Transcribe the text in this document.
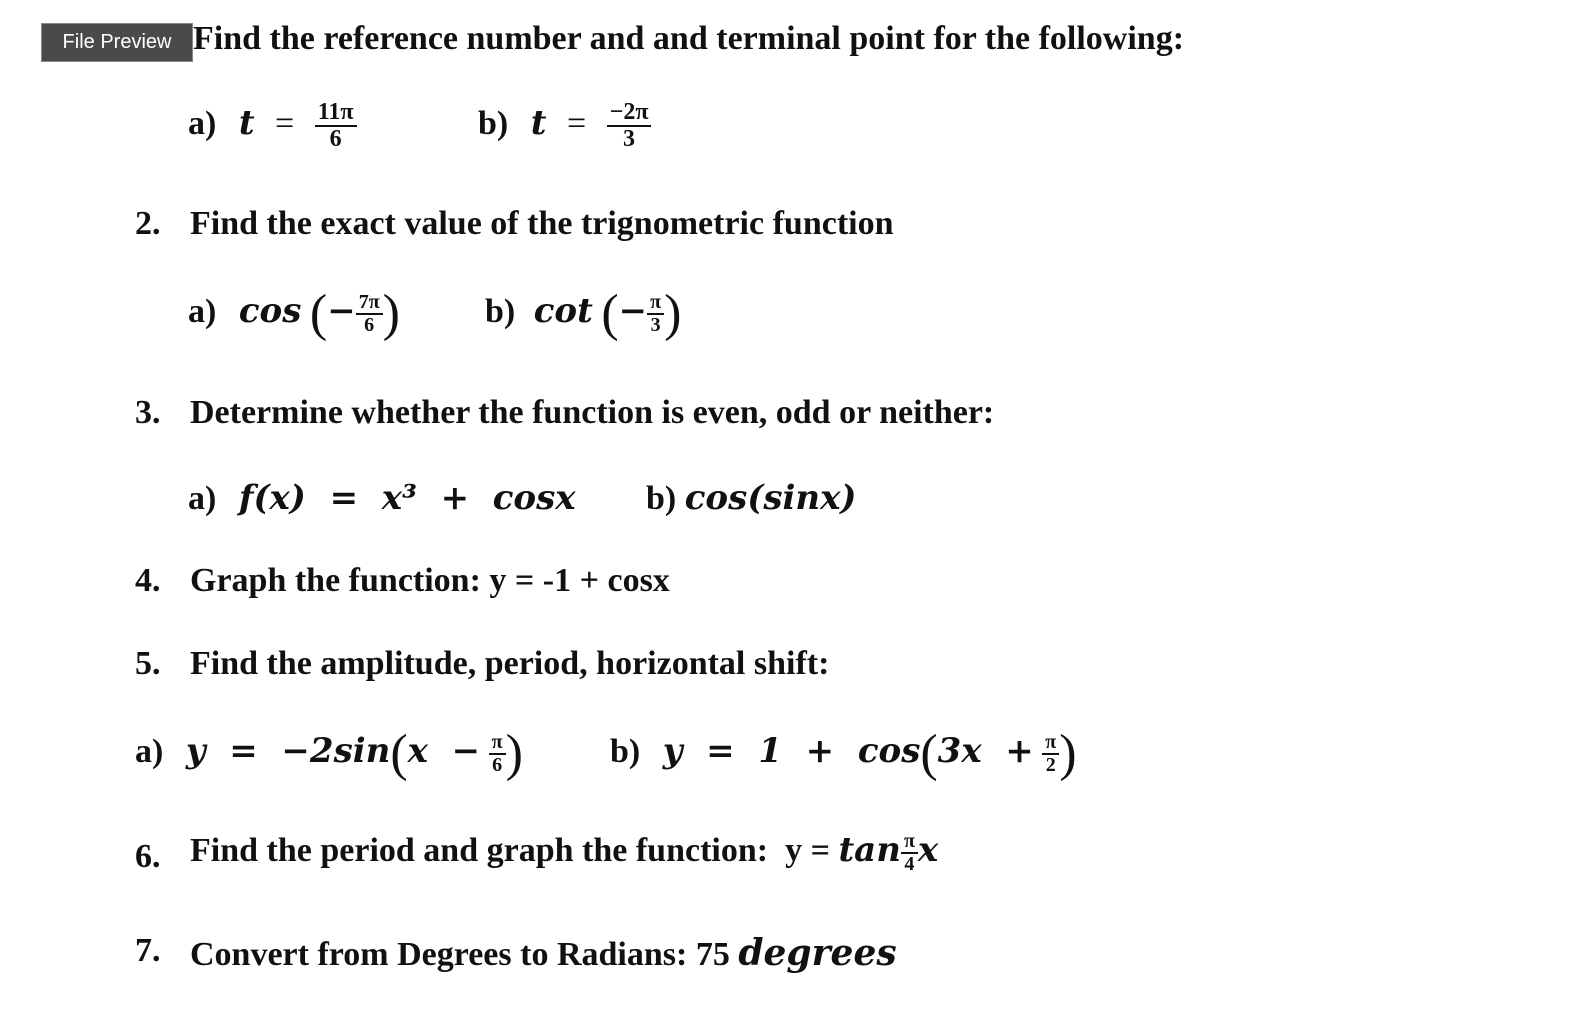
File Preview Find the reference number and and terminal point for the following:
a) $t = \frac{11\pi}{6}$	b) $t = \frac{-2\pi}{3}$
2. Find the exact value of the trignometric function
a) cos (− $\frac{7\pi}{6}$ )	b) cot (− $\frac{\pi}{3}$ )
3. Determine whether the function is even, odd or neither:
a) f(x)  =  x³  +  cosx b) cos(sinx)
4. Graph the function: y = -1 + cosx
5. Find the amplitude, period, horizontal shift:
a) $y = -2\sin(x - \frac{\pi}{6}$ )	b) $y = 1 + \cos(3x + \frac{\pi}{2}$ )
6. Find the period and graph the function:  $y = \tan \frac{\pi}{4}$ x
7. Convert from Degrees to Radians: 75 degrees
